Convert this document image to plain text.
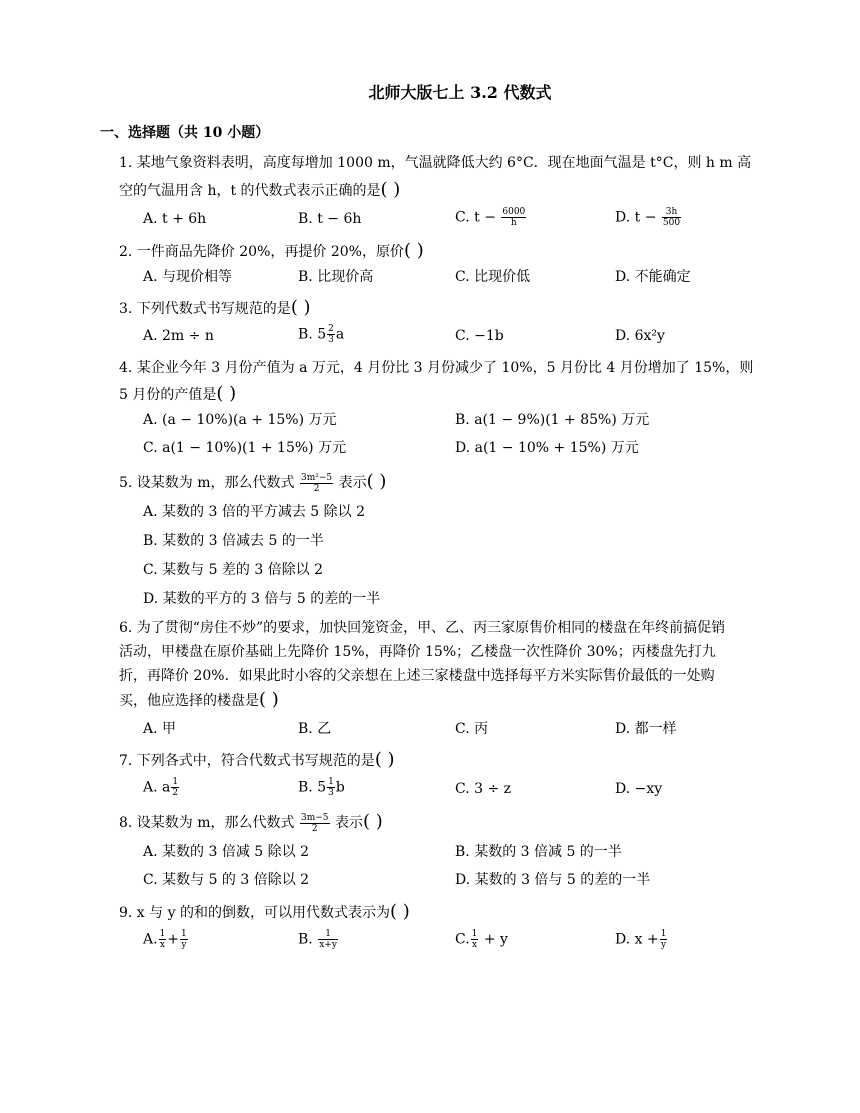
北师大版七上 3.2 代数式
一、选择题（共 10 小题）
1. 某地气象资料表明，高度每增加 1000 m，气温就降低大约 6°C．现在地面气温是 t°C，则 h m 高
空的气温用含 h，t 的代数式表示正确的是( )
A. t + 6h	B. t − 6h	C. $t - \frac{6000}{h}$	D. $t - \frac{3h}{500}$
2. 一件商品先降价 20%，再提价 20%，原价( )
A. 与现价相等	B. 比现价高	C. 比现价低	D. 不能确定
3. 下列代数式书写规范的是( )
A. 2m ÷ n	B. $5 \frac{2}{3}$ a	C. −1b	D. 6x²y
4. 某企业今年 3 月份产值为 a 万元，4 月份比 3 月份减少了 10%，5 月份比 4 月份增加了 15%，则
5 月份的产值是( )
A. (a − 10%)(a + 15%) 万元	B. a(1 − 9%)(1 + 85%) 万元
C. a(1 − 10%)(1 + 15%) 万元	D. a(1 − 10% + 15%) 万元
5. 设某数为 m，那么代数式 $\frac{\text{3m²−5}}{2}$ 表示( )
A. 某数的 3 倍的平方减去 5 除以 2
B. 某数的 3 倍减去 5 的一半
C. 某数与 5 差的 3 倍除以 2
D. 某数的平方的 3 倍与 5 的差的一半
6. 为了贯彻“房住不炒”的要求，加快回笼资金，甲、乙、丙三家原售价相同的楼盘在年终前搞促销
活动，甲楼盘在原价基础上先降价 15%，再降价 15%；乙楼盘一次性降价 30%；丙楼盘先打九
折，再降价 20%．如果此时小容的父亲想在上述三家楼盘中选择每平方米实际售价最低的一处购
买，他应选择的楼盘是( )
A. 甲	B. 乙	C. 丙	D. 都一样
7. 下列各式中，符合代数式书写规范的是( )
A. a $\frac{1}{2}$	B. $5 \frac{1}{3}$ b	C. 3 ÷ z	D. −xy
8. 设某数为 m，那么代数式 $\frac{3m-5}{2}$ 表示( )
A. 某数的 3 倍减 5 除以 2	B. 某数的 3 倍减 5 的一半
C. 某数与 5 的 3 倍除以 2	D. 某数的 3 倍与 5 的差的一半
9. x 与 y 的和的倒数，可以用代数式表示为( )
A. $\frac{1}{x} + \frac{1}{y}$	B. $\frac{1}{x+y}$	C. $\frac{1}{x} + y$	D. $x + \frac{1}{y}$
